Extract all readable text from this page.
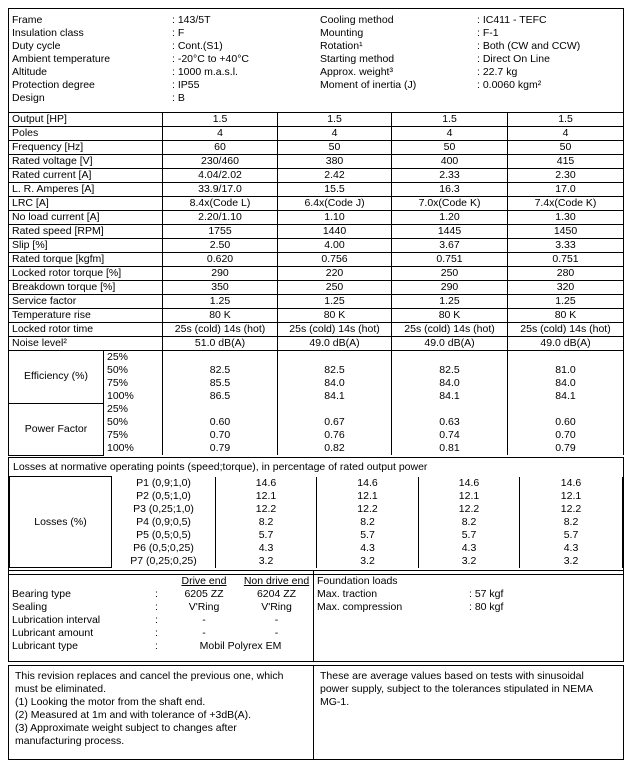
Frame	: 143/5T	Cooling method	: IC411 - TEFC
Insulation class	: F	Mounting	: F-1
Duty cycle	: Cont.(S1)	Rotation¹	: Both (CW and CCW)
Ambient temperature	: -20°C to +40°C	Starting method	: Direct On Line
Altitude	: 1000 m.a.s.l.	Approx. weight³	: 22.7 kg
Protection degree	: IP55	Moment of inertia (J)	: 0.0060 kgm²
Design	: B		
Output [HP]		1.5	1.5	1.5	1.5
Poles		4	4	4	4
Frequency [Hz]		60	50	50	50
Rated voltage [V]		230/460	380	400	415
Rated current [A]		4.04/2.02	2.42	2.33	2.30
L. R. Amperes [A]		33.9/17.0	15.5	16.3	17.0
LRC [A]		8.4x(Code L)	6.4x(Code J)	7.0x(Code K)	7.4x(Code K)
No load current [A]		2.20/1.10	1.10	1.20	1.30
Rated speed [RPM]		1755	1440	1445	1450
Slip [%]		2.50	4.00	3.67	3.33
Rated torque [kgfm]		0.620	0.756	0.751	0.751
Locked rotor torque [%]		290	220	250	280
Breakdown torque [%]		350	250	290	320
Service factor		1.25	1.25	1.25	1.25
Temperature rise		80 K	80 K	80 K	80 K
Locked rotor time		25s (cold) 14s (hot)	25s (cold) 14s (hot)	25s (cold) 14s (hot)	25s (cold) 14s (hot)
Noise level²		51.0 dB(A)	49.0 dB(A)	49.0 dB(A)	49.0 dB(A)
Efficiency (%)	25%				
	50%	82.5	82.5	82.5	81.0
	75%	85.5	84.0	84.0	84.0
	100%	86.5	84.1	84.1	84.1
Power Factor	25%				
	50%	0.60	0.67	0.63	0.60
	75%	0.70	0.76	0.74	0.70
	100%	0.79	0.82	0.81	0.79
Losses at normative operating points (speed;torque), in percentage of rated output power
Losses (%)	P1 (0,9;1,0)	14.6	14.6	14.6	14.6
	P2 (0,5;1,0)	12.1	12.1	12.1	12.1
	P3 (0,25;1,0)	12.2	12.2	12.2	12.2
	P4 (0,9;0,5)	8.2	8.2	8.2	8.2
	P5 (0,5;0,5)	5.7	5.7	5.7	5.7
	P6 (0,5;0,25)	4.3	4.3	4.3	4.3
	P7 (0,25;0,25)	3.2	3.2	3.2	3.2
		Drive end	Non drive end
Bearing type	:	6205 ZZ	6204 ZZ
Sealing	:	V'Ring	V'Ring
Lubrication interval	:	-	-
Lubricant amount	:	-	-
Lubricant type	:	Mobil Polyrex EM	
Foundation loads	
Max. traction	: 57 kgf
Max. compression	: 80 kgf
This revision replaces and cancel the previous one, which
must be eliminated.
(1) Looking the motor from the shaft end.
(2) Measured at 1m and with tolerance of +3dB(A).
(3) Approximate weight subject to changes after
manufacturing process.
These are average values based on tests with sinusoidal
power supply, subject to the tolerances stipulated in NEMA
MG-1.
